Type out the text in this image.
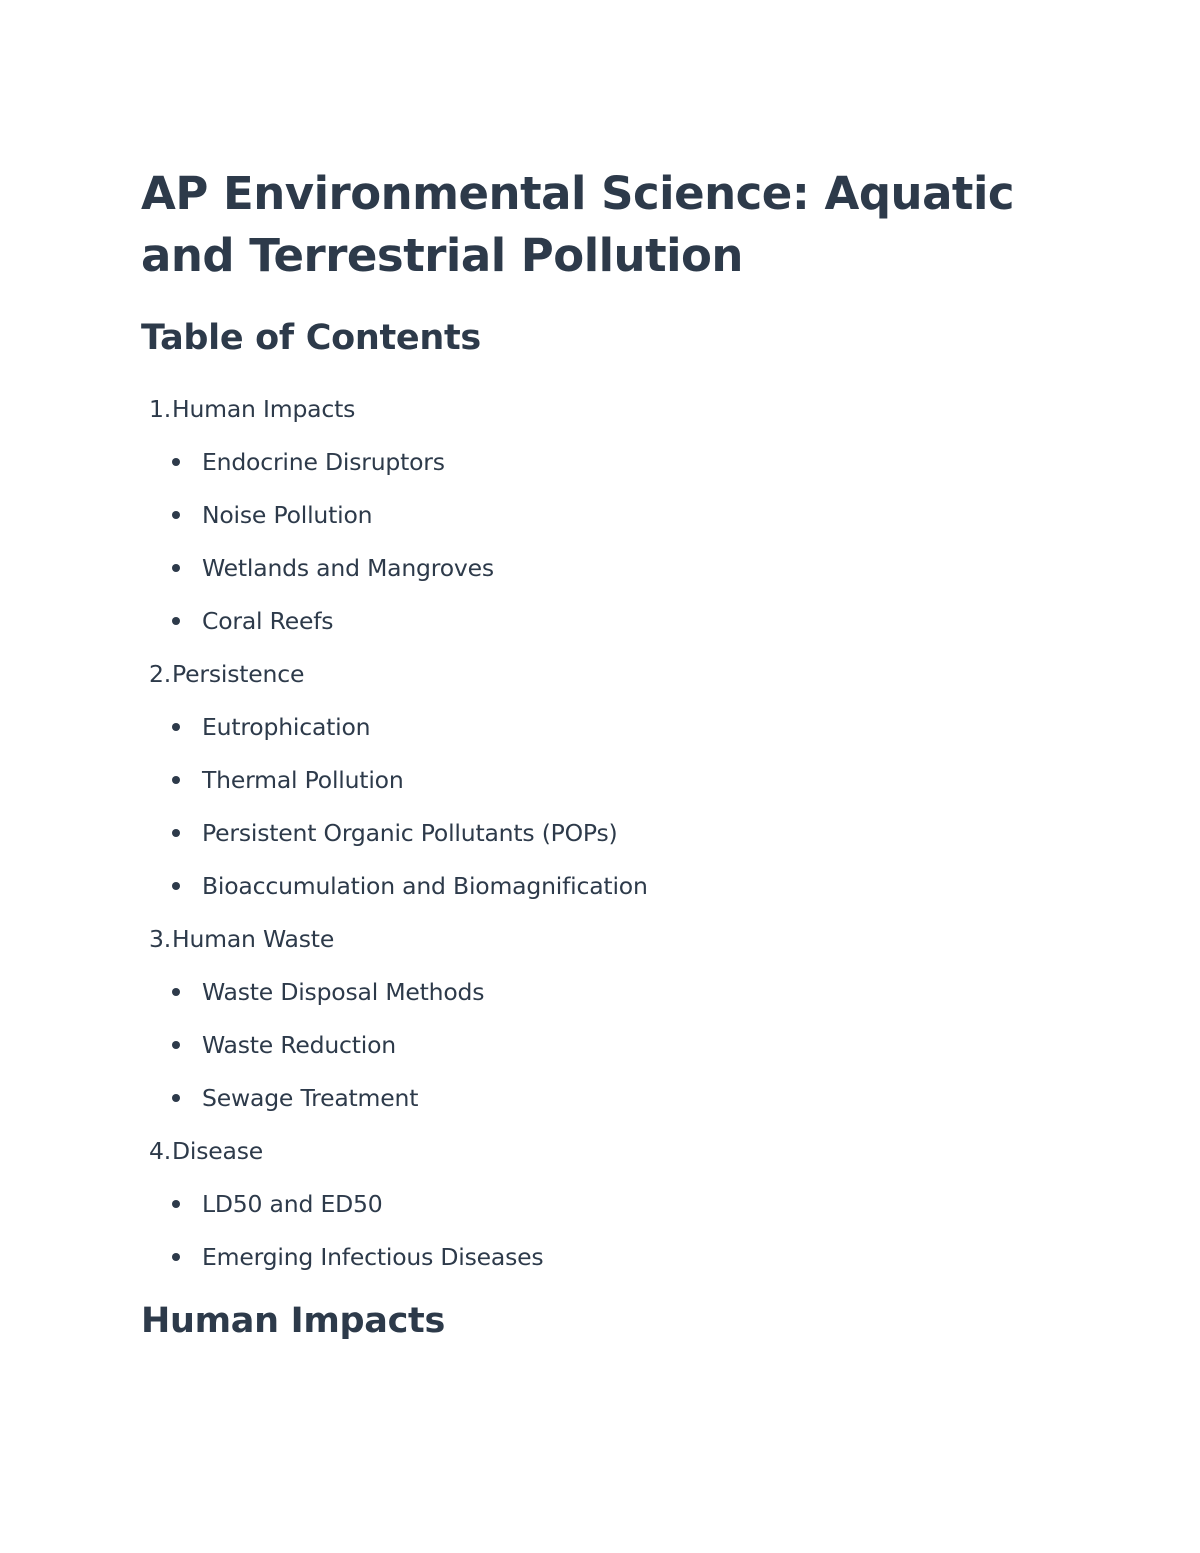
AP Environmental Science: Aquatic and Terrestrial Pollution
Table of Contents
1. Human Impacts
Endocrine Disruptors
Noise Pollution
Wetlands and Mangroves
Coral Reefs
2. Persistence
Eutrophication
Thermal Pollution
Persistent Organic Pollutants (POPs)
Bioaccumulation and Biomagnification
3. Human Waste
Waste Disposal Methods
Waste Reduction
Sewage Treatment
4. Disease
LD50 and ED50
Emerging Infectious Diseases
Human Impacts
